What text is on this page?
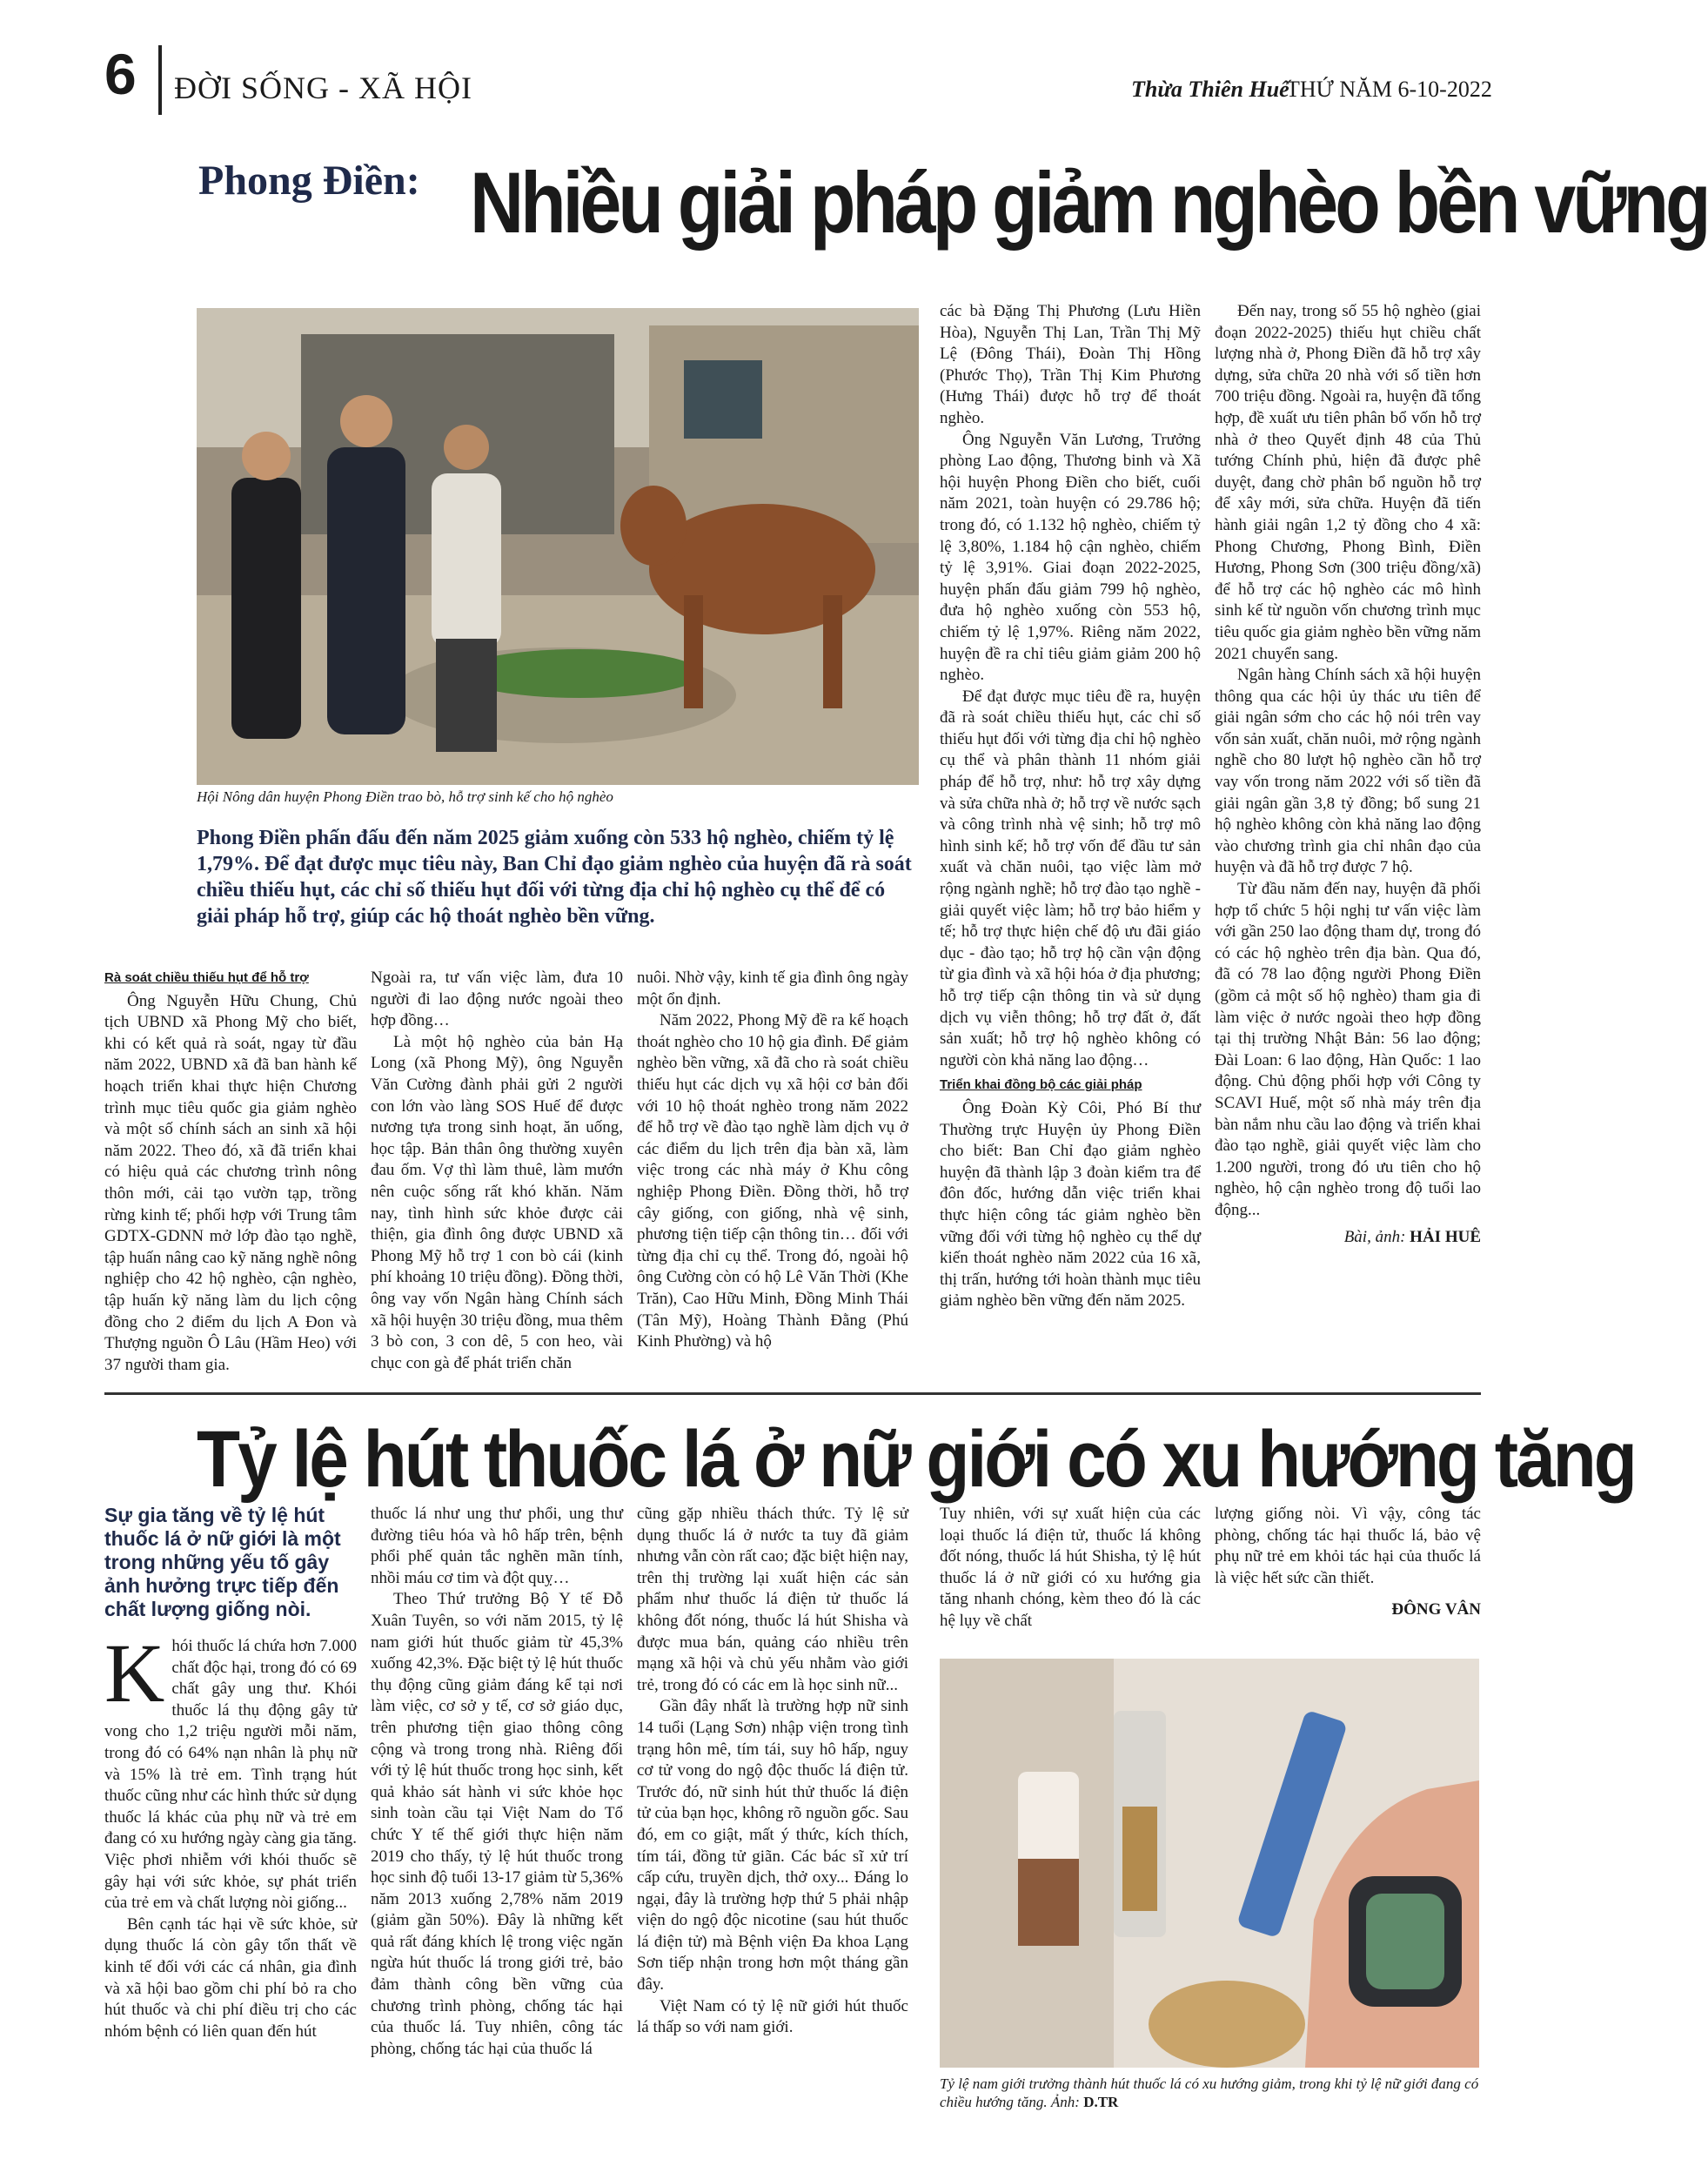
6 ĐỜI SỐNG - XÃ HỘI	Thừa Thiên Huế
THỨ NĂM 6-10-2022
Phong Điền: Nhiều giải pháp giảm nghèo bền vững
Hội Nông dân huyện Phong Điền trao bò, hỗ trợ sinh kế cho hộ nghèo
Phong Điền phấn đấu đến năm 2025 giảm xuống còn 533 hộ nghèo, chiếm tỷ lệ 1,79%. Để đạt được mục tiêu này, Ban Chỉ đạo giảm nghèo của huyện đã rà soát chiều thiếu hụt, các chỉ số thiếu hụt đối với từng địa chỉ hộ nghèo cụ thể để có giải pháp hỗ trợ, giúp các hộ thoát nghèo bền vững.
Rà soát chiều thiếu hụt để hỗ trợ

Ông Nguyễn Hữu Chung, Chủ tịch UBND xã Phong Mỹ cho biết, khi có kết quả rà soát, ngay từ đầu năm 2022, UBND xã đã ban hành kế hoạch triển khai thực hiện Chương trình mục tiêu quốc gia giảm nghèo và một số chính sách an sinh xã hội năm 2022. Theo đó, xã đã triển khai có hiệu quả các chương trình nông thôn mới, cải tạo vườn tạp, trồng rừng kinh tế; phối hợp với Trung tâm GDTX-GDNN mở lớp đào tạo nghề, tập huấn nâng cao kỹ năng nghề nông nghiệp cho 42 hộ nghèo, cận nghèo, tập huấn kỹ năng làm du lịch cộng đồng cho 2 điểm du lịch A Đon và Thượng nguồn Ô Lâu (Hầm Heo) với 37 người tham gia.

Ngoài ra, tư vấn việc làm, đưa 10 người đi lao động nước ngoài theo hợp đồng…

Là một hộ nghèo của bản Hạ Long (xã Phong Mỹ), ông Nguyễn Văn Cường đành phải gửi 2 người con lớn vào làng SOS Huế để được nương tựa trong sinh hoạt, ăn uống, học tập. Bản thân ông thường xuyên đau ốm. Vợ thì làm thuê, làm mướn nên cuộc sống rất khó khăn. Năm nay, tình hình sức khỏe được cải thiện, gia đình ông được UBND xã Phong Mỹ hỗ trợ 1 con bò cái (kinh phí khoảng 10 triệu đồng). Đồng thời, ông vay vốn Ngân hàng Chính sách xã hội huyện 30 triệu đồng, mua thêm 3 bò con, 3 con dê, 5 con heo, vài chục con gà để phát triển chăn

nuôi. Nhờ vậy, kinh tế gia đình ông ngày một ổn định.

Năm 2022, Phong Mỹ đề ra kế hoạch thoát nghèo cho 10 hộ gia đình. Để giảm nghèo bền vững, xã đã cho rà soát chiều thiếu hụt các dịch vụ xã hội cơ bản đối với 10 hộ thoát nghèo trong năm 2022 để hỗ trợ về đào tạo nghề làm dịch vụ ở các điểm du lịch trên địa bàn xã, làm việc trong các nhà máy ở Khu công nghiệp Phong Điền. Đồng thời, hỗ trợ cây giống, con giống, nhà vệ sinh, phương tiện tiếp cận thông tin… đối với từng địa chỉ cụ thể. Trong đó, ngoài hộ ông Cường còn có hộ Lê Văn Thời (Khe Trăn), Cao Hữu Minh, Đồng Minh Thái (Tân Mỹ), Hoàng Thành Đằng (Phú Kinh Phường) và hộ

các bà Đặng Thị Phương (Lưu Hiền Hòa), Nguyễn Thị Lan, Trần Thị Mỹ Lệ (Đông Thái), Đoàn Thị Hồng (Phước Thọ), Trần Thị Kim Phương (Hưng Thái) được hỗ trợ để thoát nghèo.

Ông Nguyễn Văn Lương, Trưởng phòng Lao động, Thương binh và Xã hội huyện Phong Điền cho biết, cuối năm 2021, toàn huyện có 29.786 hộ; trong đó, có 1.132 hộ nghèo, chiếm tỷ lệ 3,80%, 1.184 hộ cận nghèo, chiếm tỷ lệ 3,91%. Giai đoạn 2022-2025, huyện phấn đấu giảm 799 hộ nghèo, đưa hộ nghèo xuống còn 553 hộ, chiếm tỷ lệ 1,97%. Riêng năm 2022, huyện đề ra chỉ tiêu giảm giảm 200 hộ nghèo.

Để đạt được mục tiêu đề ra, huyện đã rà soát chiều thiếu hụt, các chỉ số thiếu hụt đối với từng địa chỉ hộ nghèo cụ thể và phân thành 11 nhóm giải pháp để hỗ trợ, như: hỗ trợ xây dựng và sửa chữa nhà ở; hỗ trợ về nước sạch và công trình nhà vệ sinh; hỗ trợ mô hình sinh kế; hỗ trợ vốn để đầu tư sản xuất và chăn nuôi, tạo việc làm mở rộng ngành nghề; hỗ trợ đào tạo nghề - giải quyết việc làm; hỗ trợ bảo hiểm y tế; hỗ trợ thực hiện chế độ ưu đãi giáo dục - đào tạo; hỗ trợ hộ cần vận động từ gia đình và xã hội hóa ở địa phương; hỗ trợ tiếp cận thông tin và sử dụng dịch vụ viễn thông; hỗ trợ đất ở, đất sản xuất; hỗ trợ hộ nghèo không có người còn khả năng lao động…

Triển khai đồng bộ các giải pháp

Ông Đoàn Kỳ Côi, Phó Bí thư Thường trực Huyện ủy Phong Điền cho biết: Ban Chỉ đạo giảm nghèo huyện đã thành lập 3 đoàn kiểm tra để đôn đốc, hướng dẫn việc triển khai thực hiện công tác giảm nghèo bền vững đối với từng hộ nghèo cụ thể dự kiến thoát nghèo năm 2022 của 16 xã, thị trấn, hướng tới hoàn thành mục tiêu giảm nghèo bền vững đến năm 2025.

Đến nay, trong số 55 hộ nghèo (giai đoạn 2022-2025) thiếu hụt chiều chất lượng nhà ở, Phong Điền đã hỗ trợ xây dựng, sửa chữa 20 nhà với số tiền hơn 700 triệu đồng. Ngoài ra, huyện đã tổng hợp, đề xuất ưu tiên phân bổ vốn hỗ trợ nhà ở theo Quyết định 48 của Thủ tướng Chính phủ, hiện đã được phê duyệt, đang chờ phân bổ nguồn hỗ trợ để xây mới, sửa chữa. Huyện đã tiến hành giải ngân 1,2 tỷ đồng cho 4 xã: Phong Chương, Phong Bình, Điền Hương, Phong Sơn (300 triệu đồng/xã) để hỗ trợ các hộ nghèo các mô hình sinh kế từ nguồn vốn chương trình mục tiêu quốc gia giảm nghèo bền vững năm 2021 chuyển sang.

Ngân hàng Chính sách xã hội huyện thông qua các hội ủy thác ưu tiên để giải ngân sớm cho các hộ nói trên vay vốn sản xuất, chăn nuôi, mở rộng ngành nghề cho 80 lượt hộ nghèo cần hỗ trợ vay vốn trong năm 2022 với số tiền đã giải ngân gần 3,8 tỷ đồng; bổ sung 21 hộ nghèo không còn khả năng lao động vào chương trình gia chỉ nhân đạo của huyện và đã hỗ trợ được 7 hộ.

Từ đầu năm đến nay, huyện đã phối hợp tổ chức 5 hội nghị tư vấn việc làm với gần 250 lao động tham dự, trong đó có các hộ nghèo trên địa bàn. Qua đó, đã có 78 lao động người Phong Điền (gồm cả một số hộ nghèo) tham gia đi làm việc ở nước ngoài theo hợp đồng tại thị trường Nhật Bản: 56 lao động; Đài Loan: 6 lao động, Hàn Quốc: 1 lao động. Chủ động phối hợp với Công ty SCAVI Huế, một số nhà máy trên địa bàn nắm nhu cầu lao động và triển khai đào tạo nghề, giải quyết việc làm cho 1.200 người, trong đó ưu tiên cho hộ nghèo, hộ cận nghèo trong độ tuổi lao động...

Bài, ảnh: HẢI HUÊ
Tỷ lệ hút thuốc lá ở nữ giới có xu hướng tăng
Sự gia tăng về tỷ lệ hút thuốc lá ở nữ giới là một trong những yếu tố gây ảnh hưởng trực tiếp đến chất lượng giống nòi.

Khói thuốc lá chứa hơn 7.000 chất độc hại, trong đó có 69 chất gây ung thư. Khói thuốc lá thụ động gây tử vong cho 1,2 triệu người mỗi năm, trong đó có 64% nạn nhân là phụ nữ và 15% là trẻ em. Tình trạng hút thuốc cũng như các hình thức sử dụng thuốc lá khác của phụ nữ và trẻ em đang có xu hướng ngày càng gia tăng. Việc phơi nhiễm với khói thuốc sẽ gây hại với sức khỏe, sự phát triển của trẻ em và chất lượng nòi giống...

Bên cạnh tác hại về sức khỏe, sử dụng thuốc lá còn gây tổn thất về kinh tế đối với các cá nhân, gia đình và xã hội bao gồm chi phí bỏ ra cho hút thuốc và chi phí điều trị cho các nhóm bệnh có liên quan đến hút

thuốc lá như ung thư phổi, ung thư đường tiêu hóa và hô hấp trên, bệnh phổi phế quản tắc nghẽn mãn tính, nhồi máu cơ tim và đột quỵ…

Theo Thứ trưởng Bộ Y tế Đỗ Xuân Tuyên, so với năm 2015, tỷ lệ nam giới hút thuốc giảm từ 45,3% xuống 42,3%. Đặc biệt tỷ lệ hút thuốc thụ động cũng giảm đáng kể tại nơi làm việc, cơ sở y tế, cơ sở giáo dục, trên phương tiện giao thông công cộng và trong trong nhà. Riêng đối với tỷ lệ hút thuốc trong học sinh, kết quả khảo sát hành vi sức khỏe học sinh toàn cầu tại Việt Nam do Tổ chức Y tế thế giới thực hiện năm 2019 cho thấy, tỷ lệ hút thuốc trong học sinh độ tuổi 13-17 giảm từ 5,36% năm 2013 xuống 2,78% năm 2019 (giảm gần 50%). Đây là những kết quả rất đáng khích lệ trong việc ngăn ngừa hút thuốc lá trong giới trẻ, bảo đảm thành công bền vững của chương trình phòng, chống tác hại của thuốc lá. Tuy nhiên, công tác phòng, chống tác hại của thuốc lá

cũng gặp nhiều thách thức. Tỷ lệ sử dụng thuốc lá ở nước ta tuy đã giảm nhưng vẫn còn rất cao; đặc biệt hiện nay, trên thị trường lại xuất hiện các sản phẩm như thuốc lá điện tử thuốc lá không đốt nóng, thuốc lá hút Shisha và được mua bán, quảng cáo nhiều trên mạng xã hội và chủ yếu nhằm vào giới trẻ, trong đó có các em là học sinh nữ...

Gần đây nhất là trường hợp nữ sinh 14 tuổi (Lạng Sơn) nhập viện trong tình trạng hôn mê, tím tái, suy hô hấp, nguy cơ tử vong do ngộ độc thuốc lá điện tử. Trước đó, nữ sinh hút thử thuốc lá điện tử của bạn học, không rõ nguồn gốc. Sau đó, em co giật, mất ý thức, kích thích, tím tái, đồng tử giãn. Các bác sĩ xử trí cấp cứu, truyền dịch, thở oxy... Đáng lo ngại, đây là trường hợp thứ 5 phải nhập viện do ngộ độc nicotine (sau hút thuốc lá điện tử) mà Bệnh viện Đa khoa Lạng Sơn tiếp nhận trong hơn một tháng gần đây.

Việt Nam có tỷ lệ nữ giới hút thuốc lá thấp so với nam giới.

Tuy nhiên, với sự xuất hiện của các loại thuốc lá điện tử, thuốc lá không đốt nóng, thuốc lá hút Shisha, tỷ lệ hút thuốc lá ở nữ giới có xu hướng gia tăng nhanh chóng, kèm theo đó là các hệ lụy về chất

lượng giống nòi. Vì vậy, công tác phòng, chống tác hại thuốc lá, bảo vệ phụ nữ trẻ em khỏi tác hại của thuốc lá là việc hết sức cần thiết.

ĐÔNG VÂN
Tỷ lệ nam giới trưởng thành hút thuốc lá có xu hướng giảm, trong khi tỷ lệ nữ giới đang có chiều hướng tăng. Ảnh: D.TR
